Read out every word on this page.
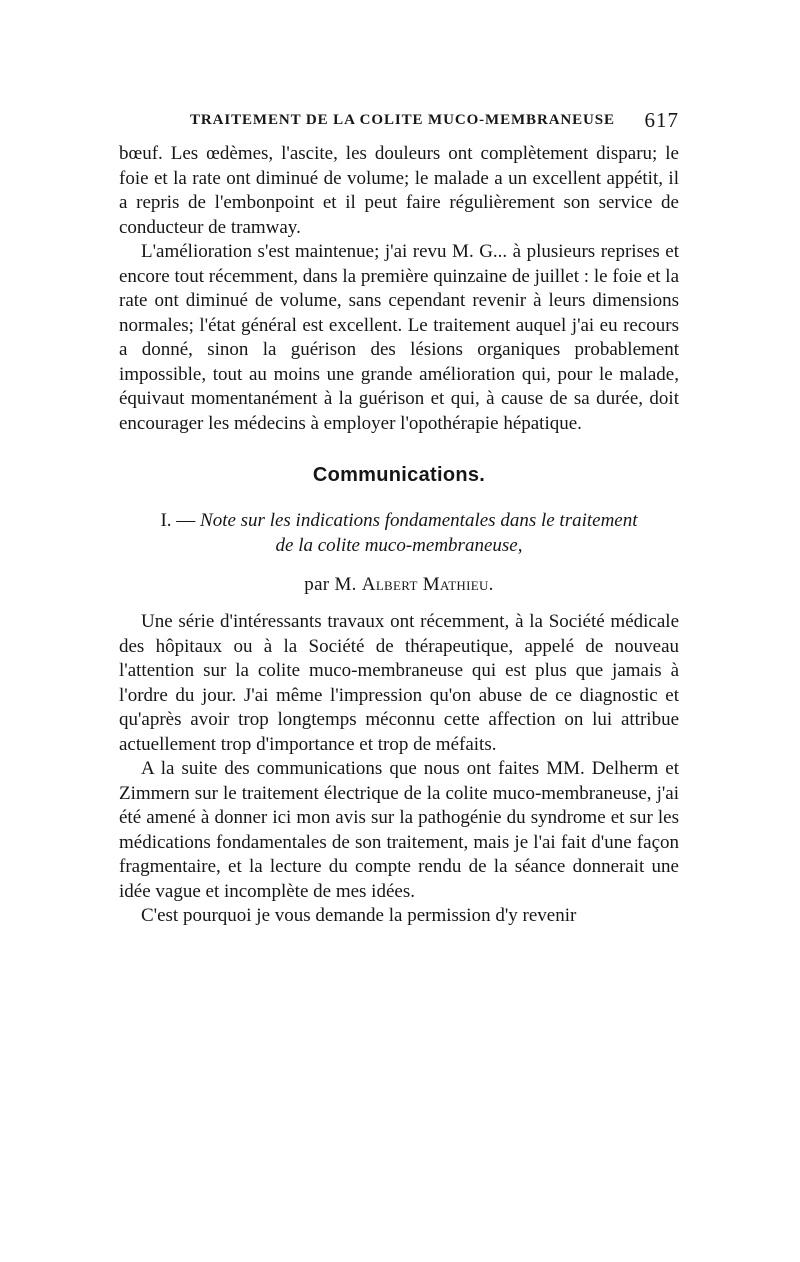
TRAITEMENT DE LA COLITE MUCO-MEMBRANEUSE 617

bœuf. Les œdèmes, l'ascite, les douleurs ont complètement disparu; le foie et la rate ont diminué de volume; le malade a un excellent appétit, il a repris de l'embonpoint et il peut faire régulièrement son service de conducteur de tramway.

L'amélioration s'est maintenue; j'ai revu M. G... à plusieurs reprises et encore tout récemment, dans la première quinzaine de juillet : le foie et la rate ont diminué de volume, sans cependant revenir à leurs dimensions normales; l'état général est excellent. Le traitement auquel j'ai eu recours a donné, sinon la guérison des lésions organiques probablement impossible, tout au moins une grande amélioration qui, pour le malade, équivaut momentanément à la guérison et qui, à cause de sa durée, doit encourager les médecins à employer l'opothérapie hépatique.

Communications.
I. — Note sur les indications fondamentales dans le traitement
de la colite muco-membraneuse,
par M. Albert Mathieu.

Une série d'intéressants travaux ont récemment, à la Société médicale des hôpitaux ou à la Société de thérapeutique, appelé de nouveau l'attention sur la colite muco-membraneuse qui est plus que jamais à l'ordre du jour. J'ai même l'impression qu'on abuse de ce diagnostic et qu'après avoir trop longtemps méconnu cette affection on lui attribue actuellement trop d'importance et trop de méfaits.

A la suite des communications que nous ont faites MM. Delherm et Zimmern sur le traitement électrique de la colite muco-membraneuse, j'ai été amené à donner ici mon avis sur la pathogénie du syndrome et sur les médications fondamentales de son traitement, mais je l'ai fait d'une façon fragmentaire, et la lecture du compte rendu de la séance donnerait une idée vague et incomplète de mes idées.

C'est pourquoi je vous demande la permission d'y revenir
